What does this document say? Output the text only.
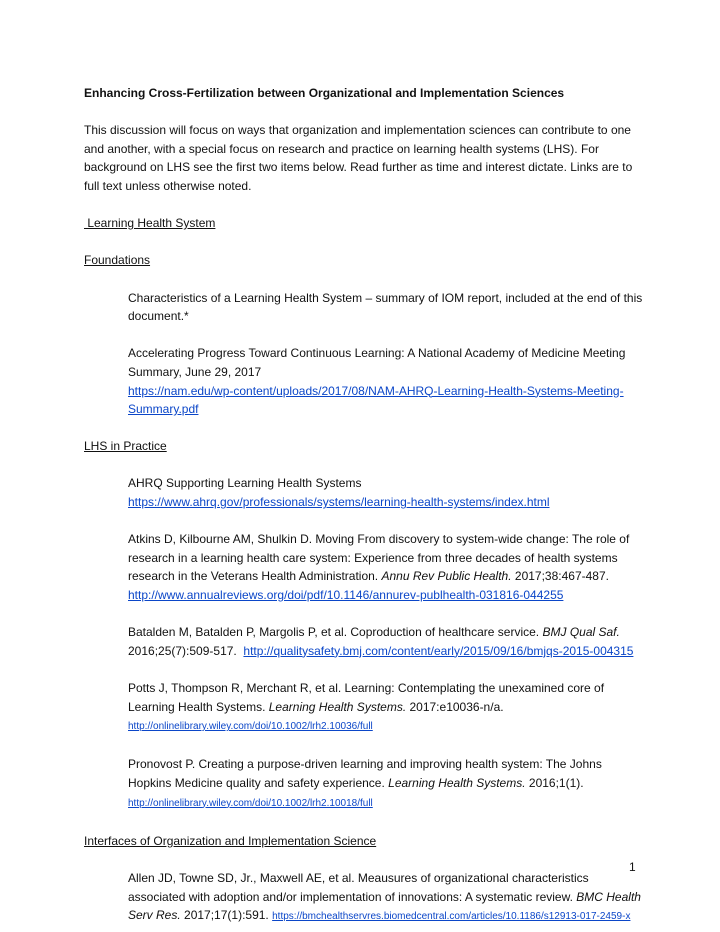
Enhancing Cross-Fertilization between Organizational and Implementation Sciences

This discussion will focus on ways that organization and implementation sciences can contribute to one and another, with a special focus on research and practice on learning health systems (LHS). For background on LHS see the first two items below. Read further as time and interest dictate. Links are to full text unless otherwise noted.

Learning Health System

Foundations

Characteristics of a Learning Health System – summary of IOM report, included at the end of this document.*

Accelerating Progress Toward Continuous Learning: A National Academy of Medicine Meeting Summary, June 29, 2017
https://nam.edu/wp-content/uploads/2017/08/NAM-AHRQ-Learning-Health-Systems-Meeting-Summary.pdf

LHS in Practice

AHRQ Supporting Learning Health Systems
https://www.ahrq.gov/professionals/systems/learning-health-systems/index.html

Atkins D, Kilbourne AM, Shulkin D. Moving From discovery to system-wide change: The role of research in a learning health care system: Experience from three decades of health systems research in the Veterans Health Administration. Annu Rev Public Health. 2017;38:467-487.
http://www.annualreviews.org/doi/pdf/10.1146/annurev-publhealth-031816-044255

Batalden M, Batalden P, Margolis P, et al. Coproduction of healthcare service. BMJ Qual Saf. 2016;25(7):509-517. http://qualitysafety.bmj.com/content/early/2015/09/16/bmjqs-2015-004315

Potts J, Thompson R, Merchant R, et al. Learning: Contemplating the unexamined core of Learning Health Systems. Learning Health Systems. 2017:e10036-n/a.
http://onlinelibrary.wiley.com/doi/10.1002/lrh2.10036/full

Pronovost P. Creating a purpose-driven learning and improving health system: The Johns Hopkins Medicine quality and safety experience. Learning Health Systems. 2016;1(1).
http://onlinelibrary.wiley.com/doi/10.1002/lrh2.10018/full

Interfaces of Organization and Implementation Science

Allen JD, Towne SD, Jr., Maxwell AE, et al. Meausures of organizational characteristics associated with adoption and/or implementation of innovations: A systematic review. BMC Health Serv Res. 2017;17(1):591. https://bmchealthservres.biomedcentral.com/articles/10.1186/s12913-017-2459-x

1
